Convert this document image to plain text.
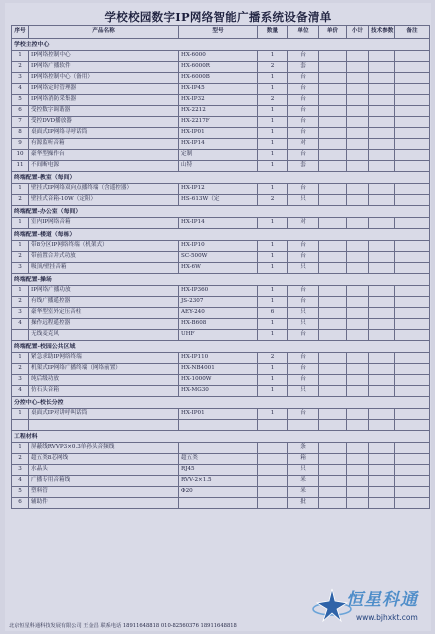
学校校园数字IP网络智能广播系统设备清单
序号	产品名称	型号	数量	单位	单价	小计	技术参数	备注
学校主控中心								
1	IP网络控制中心	HX-6000	1	台				
2	IP网络广播软件	HX-6000R	2	套				
3	IP网络控制中心（备用）	HX-6000B	1	台				
4	IP网络定时管理器	HX-IP45	1	台				
5	IP网络消防采集器	HX-IP32	2	台				
6	受控数字调谐器	HX-2212	1	台				
7	受控DVD播放器	HX-2217F	1	台				
8	桌面式IP网络寻呼话筒	HX-IP01	1	台				
9	有源监听音箱	HX-IP14	1	对				
10	豪华型操作台	定制	1	台				
11	不间断电源	山特	1	套				
终端配置-教室（每间）								
1	壁挂式IP网络双向点播终端（含遥控器）	HX-IP12	1	台				
2	壁挂式音箱-10W（定阻）	HS-613W（定	2	只				
终端配置-办公室（每间）								
1	室内IP网络音箱	HX-IP14	1	对				
终端配置-楼道（每栋）								
1	带8分区IP网络终端（机架式）	HX-IP10	1	台				
2	带前置合并式功放	SC-500W	1	台				
3	吸顶/壁挂音箱	HX-6W	1	只				
终端配置-操场								
1	IP网络广播功放	HX-IP360	1	台				
2	有线广播遥控器	JS-2307	1	台				
3	豪华型室外定压音柱	AEY-240	6	只				
4	操作远程遥控器	HX-B608	1	只				
	无线麦克风	UHF	1	台				
终端配置-校园公共区域								
1	紧急求助IP网络终端	HX-IP110	2	台				
2	机架式IP网络广播终端（网络前置）	HX-NB4001	1	台				
3	纯后级功放	HX-1000W	1	台				
4	仿石头音箱	HX-MG30	1	只				
分控中心-校长分控								
1	桌面式IP对讲呼叫话筒	HX-IP01	1	台				

工程材料								
1	屏蔽线RVVP3×0.3单孙头音频线			条				
2	超五类8芯网线	超五类		箱				
3	水晶头	RJ45		只				
4	广播专用音箱线	RVV-2×1.5		米				
5	塑料管	Φ20		米				
6	辅助件			批				
北京恒星科通科技发展有限公司 王金昌 联系电话 18911648818 010-82560376 18911648818
恒星科通
www.bjhxkt.com
